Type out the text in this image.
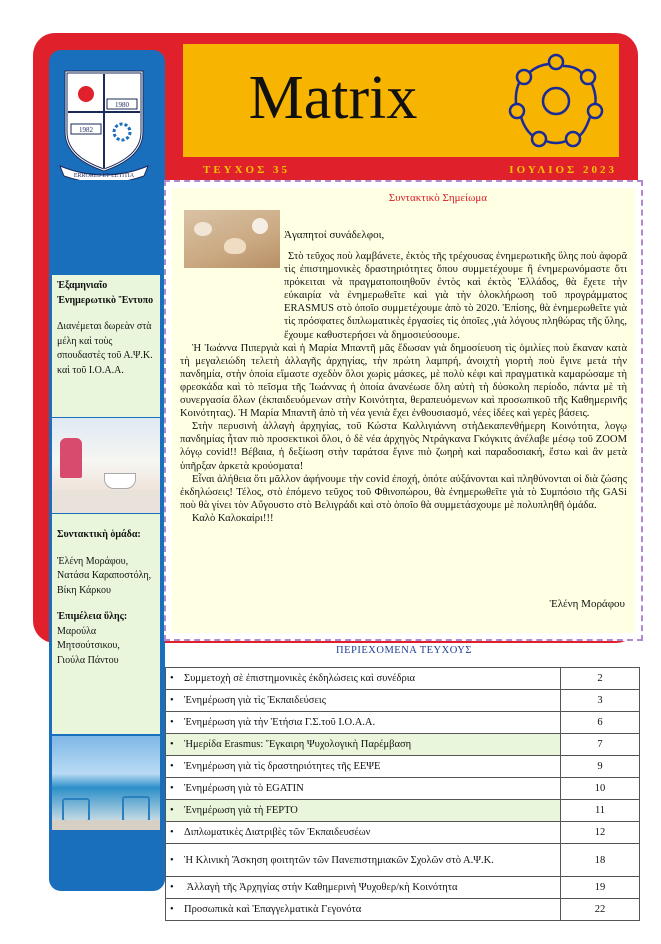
1980
1982
ERRORES ET LETITIA
Ἑξαμηνιαῖο Ἐνημερωτικὸ Ἔντυπο
Διανέμεται δωρεὰν στὰ μέλη καὶ τοὺς σπουδαστὲς τοῦ Α.Ψ.Κ. καὶ τοῦ Ι.Ο.Α.Α.
Συντακτικὴ ὁμάδα:
Ἐλένη Μοράφου,
Νατάσα Καραποστόλη,
Βίκη Κάρκου
Ἐπιμέλεια ὕλης:
Μαρούλα Μητσούτσικου,
Γιούλα Πάντου
Matrix
ΤΕΥΧΟΣ 35	ΙΟΥΛΙΟΣ 2023
Συντακτικὸ Σημείωμα
Ἀγαπητοί συνάδελφοι,

Στὸ τεῦχος ποὺ λαμβάνετε, ἐκτὸς τῆς τρέχουσας ἐνημερωτικῆς ὕλης ποὺ ἀφορᾶ τὶς ἐπιστημονικὲς δραστηριότητες ὅπου συμμετέχουμε ἢ ἐνημερωνόμαστε ὅτι πρόκειται νὰ πραγματοποιηθοῦν ἐντὸς καὶ ἐκτὸς Ἑλλάδος, θὰ ἔχετε τὴν εὐκαιρία νὰ ἐνημερωθεῖτε καὶ γιὰ τὴν ὁλοκλήρωση τοῦ προγράμματος ERASMUS στὸ ὁποῖο συμμετέχουμε ἀπὸ τὸ 2020. Ἐπίσης, θὰ ἐνημερωθεῖτε γιὰ τὶς πρόσφατες διπλωματικὲς ἐργασίες τὶς ὁποῖες ,γιὰ λόγους πληθώρας τῆς ὕλης, ἔχουμε καθυστερήσει νὰ δημοσιεύσουμε.

Ἡ Ἰωάννα Πιπεργιὰ καὶ ἡ Μαρία Μπαντῆ μᾶς ἔδωσαν γιὰ δημοσίευση τὶς ὁμιλίες ποὺ ἔκαναν κατὰ τὴ μεγαλειώδη τελετὴ ἀλλαγῆς ἀρχηγίας, τὴν πρώτη λαμπρή, ἀνοιχτὴ γιορτὴ ποὺ ἔγινε μετὰ τὴν πανδημία, στὴν ὁποία εἴμαστε σχεδὸν ὅλοι χωρὶς μάσκες, μὲ πολὺ κέφι καὶ πραγματικὰ καμαρώσαμε τὴ φρεσκάδα καὶ τὸ πεῖσμα τῆς Ἰωάννας ἡ ὁποία ἀνανέωσε ὅλη αὐτὴ τὴ δύσκολη περίοδο, πάντα μὲ τὴ συνεργασία ὅλων (ἐκπαιδευόμενων στὴν Κοινότητα, θεραπευόμενων καὶ προσωπικοῦ τῆς Καθημερινῆς Κοινότητας). Ἡ Μαρία Μπαντῆ ἀπὸ τὴ νέα γενιὰ ἔχει ἐνθουσιασμό, νέες ἰδέες καὶ γερὲς βάσεις.

Στὴν περυσινὴ ἀλλαγὴ ἀρχηγίας, τοῦ Κώστα Καλλιγιάννη στὴΔεκαπενθήμερη Κοινότητα, λογῳ πανδημίας ἦταν πιὸ προσεκτικοὶ ὅλοι, ὁ δὲ νέα ἀρχηγὸς Ντράγκανα Γκόγκιτς ἀνέλαβε μέσῳ τοῦ ZOOM λόγῳ covid!! Βέβαια, ἡ δεξίωση στὴν ταράτσα ἔγινε πιὸ ζωηρὴ καὶ παραδοσιακή, ἔστω καὶ ἂν μετὰ ὑπῆρξαν ἀρκετὰ κρούσματα!

Εἶναι ἀλήθεια ὅτι μᾶλλον ἀφήνουμε τὴν covid ἐποχή, ὁπότε αὐξάνονται καὶ πληθύνονται οἱ διὰ ζώσης ἐκδηλώσεις! Τέλος, στὸ ἑπόμενο τεῦχος τοῦ Φθινοπώρου, θὰ ἐνημερωθεῖτε γιὰ τὸ Συμπόσιο τῆς GASi ποὺ θὰ γίνει τὸν Αὔγουστο στὸ Βελιγράδι καὶ στὸ ὁποῖο θὰ συμμετάσχουμε μὲ πολυπληθῆ ὁμάδα.

Καλὸ Καλοκαίρι!!!

Ἐλένη Μοράφου
ΠΕΡΙΕΧΟΜΕΝΑ ΤΕΥΧΟΥΣ
• Συμμετοχὴ σὲ ἐπιστημονικὲς ἐκδηλώσεις καὶ συνέδρια	2
• Ἐνημέρωση γιὰ τὶς Ἐκπαιδεύσεις	3
• Ἐνημέρωση γιὰ τὴν Ἐτήσια Γ.Σ.τοῦ Ι.Ο.Α.Α.	6
• Ἡμερίδα Erasmus: Ἔγκαιρη Ψυχολογικὴ Παρέμβαση	7
• Ἐνημέρωση γιὰ τὶς δραστηριότητες τῆς ΕΕΨΕ	9
• Ἐνημέρωση γιὰ τὸ EGATIN	10
• Ἐνημέρωση γιὰ τὴ FEPTO	11
• Διπλωματικὲς Διατριβὲς τῶν Ἐκπαιδευσέων	12
• Ἡ Κλινικὴ Ἄσκηση φοιτητῶν τῶν Πανεπιστημιακῶν Σχολῶν στὸ Α.Ψ.Κ.	18
• Ἀλλαγὴ τῆς Ἀρχηγίας στὴν Καθημερινὴ Ψυχοθερ/κὴ Κοινότητα	19
• Προσωπικὰ καὶ Ἐπαγγελματικὰ Γεγονότα	22
